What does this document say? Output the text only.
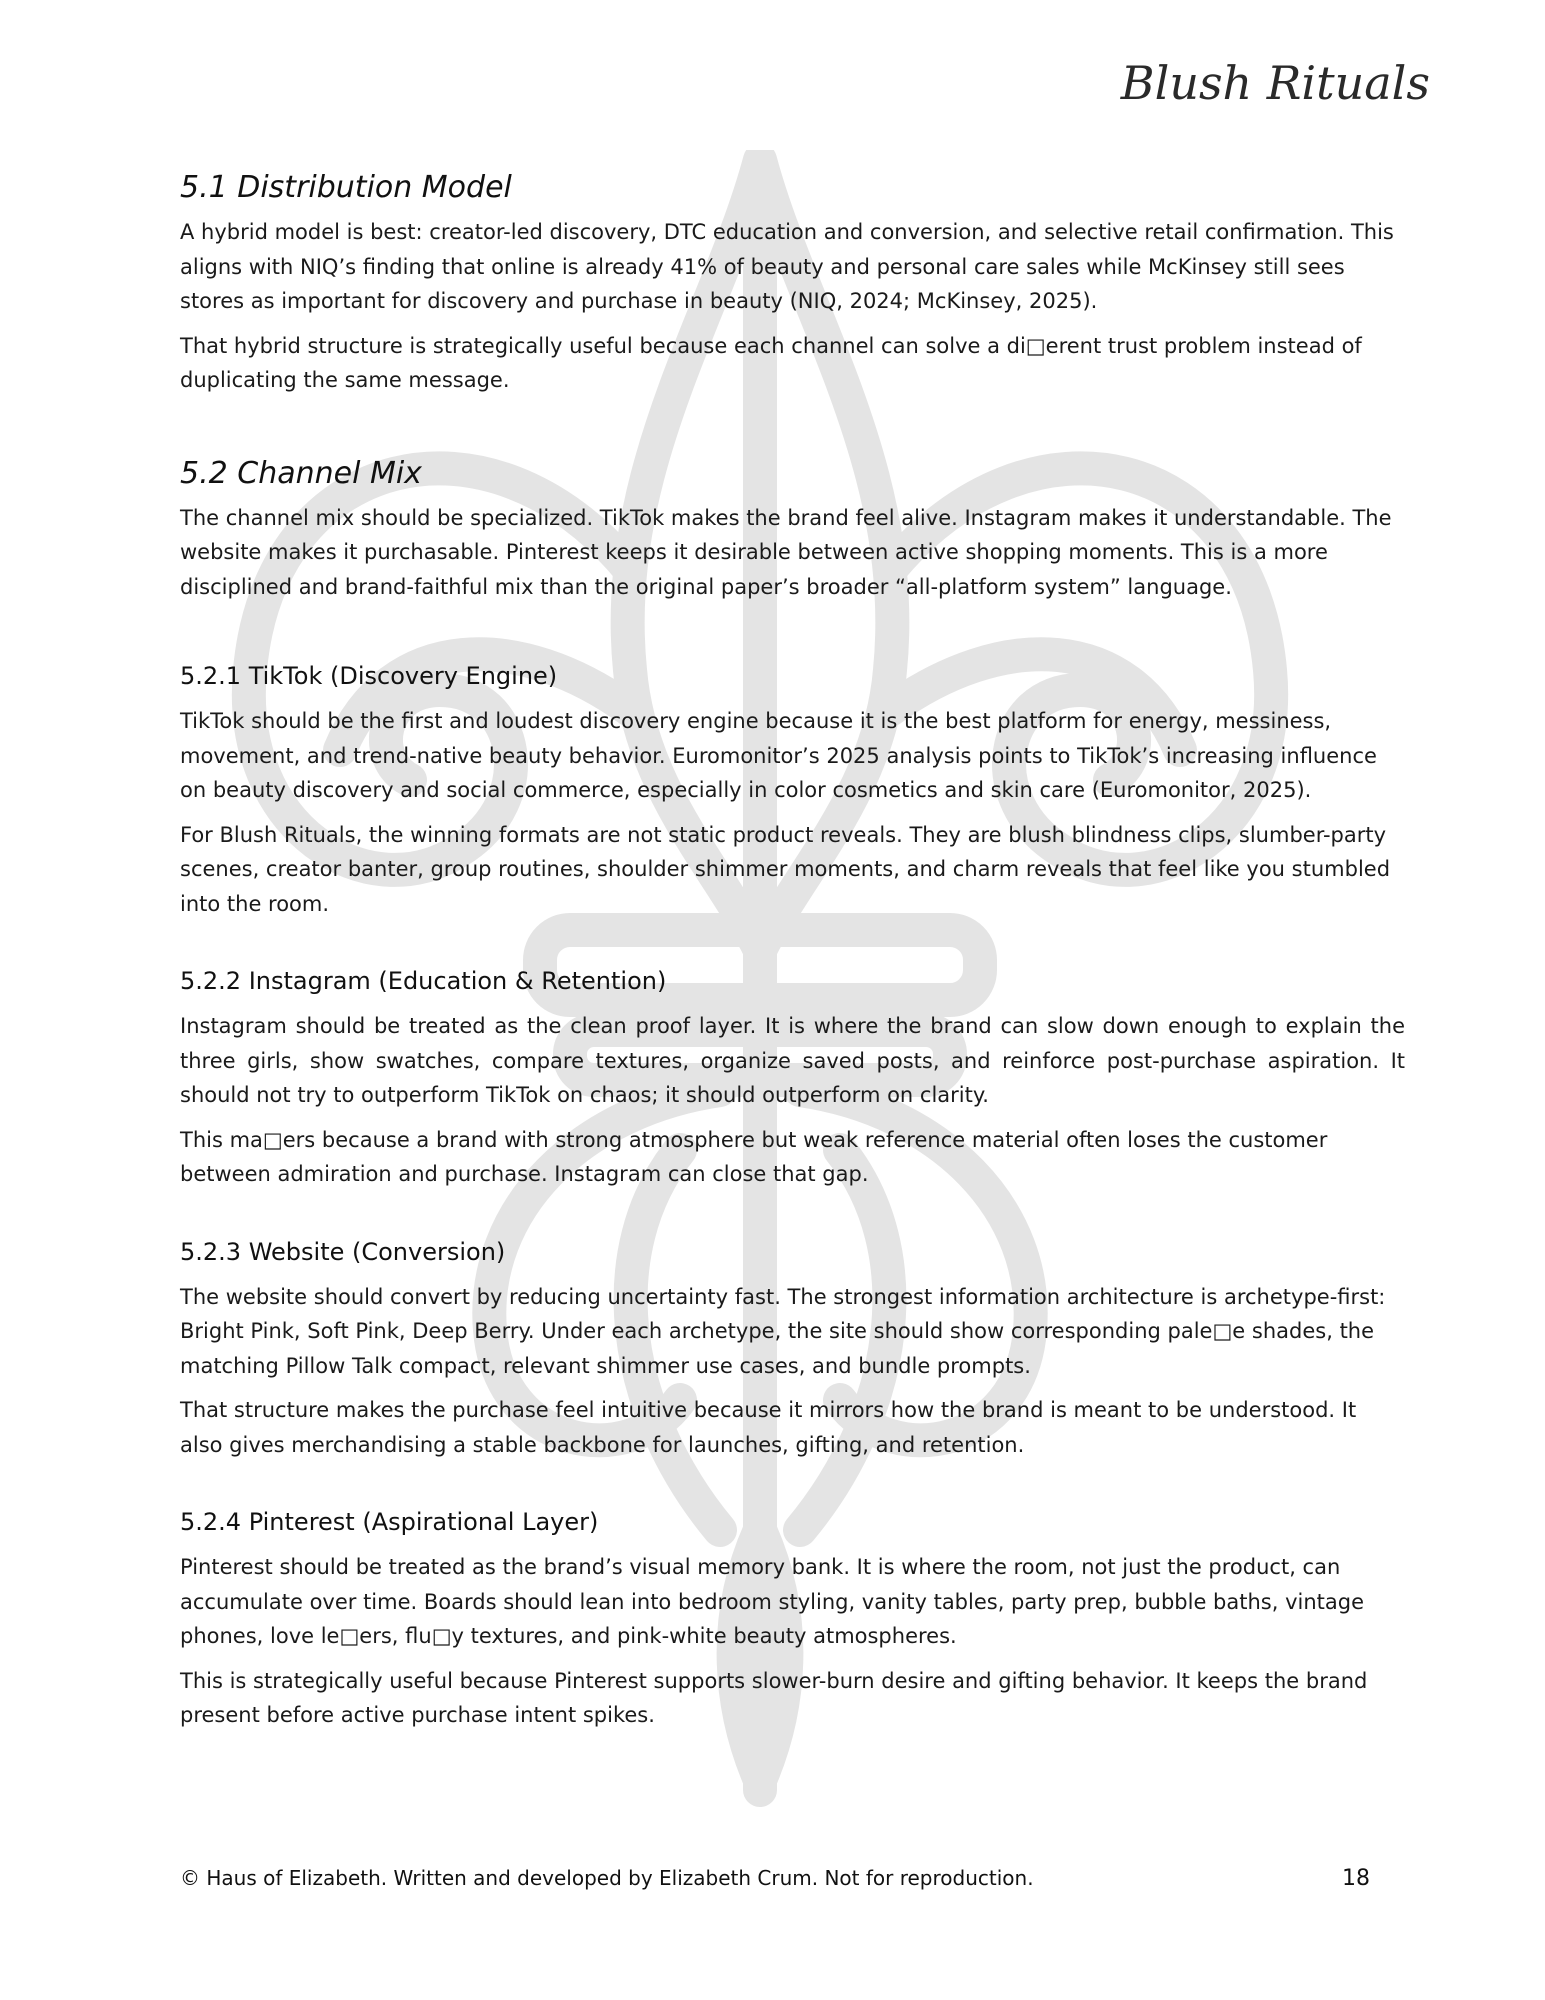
Blush Rituals
5.1 Distribution Model

A hybrid model is best: creator-led discovery, DTC education and conversion, and selective retail confirmation. This aligns with NIQ’s finding that online is already 41% of beauty and personal care sales while McKinsey still sees stores as important for discovery and purchase in beauty (NIQ, 2024; McKinsey, 2025).

That hybrid structure is strategically useful because each channel can solve a di□erent trust problem instead of duplicating the same message.

5.2 Channel Mix

The channel mix should be specialized. TikTok makes the brand feel alive. Instagram makes it understandable. The website makes it purchasable. Pinterest keeps it desirable between active shopping moments. This is a more disciplined and brand-faithful mix than the original paper’s broader “all-platform system” language.

5.2.1 TikTok (Discovery Engine)

TikTok should be the first and loudest discovery engine because it is the best platform for energy, messiness, movement, and trend-native beauty behavior. Euromonitor’s 2025 analysis points to TikTok’s increasing influence on beauty discovery and social commerce, especially in color cosmetics and skin care (Euromonitor, 2025).

For Blush Rituals, the winning formats are not static product reveals. They are blush blindness clips, slumber-party scenes, creator banter, group routines, shoulder shimmer moments, and charm reveals that feel like you stumbled into the room.

5.2.2 Instagram (Education & Retention)

Instagram should be treated as the clean proof layer. It is where the brand can slow down enough to explain the three girls, show swatches, compare textures, organize saved posts, and reinforce post-purchase aspiration. It should not try to outperform TikTok on chaos; it should outperform on clarity.

This ma□ers because a brand with strong atmosphere but weak reference material often loses the customer between admiration and purchase. Instagram can close that gap.

5.2.3 Website (Conversion)

The website should convert by reducing uncertainty fast. The strongest information architecture is archetype-first: Bright Pink, Soft Pink, Deep Berry. Under each archetype, the site should show corresponding pale□e shades, the matching Pillow Talk compact, relevant shimmer use cases, and bundle prompts.

That structure makes the purchase feel intuitive because it mirrors how the brand is meant to be understood. It also gives merchandising a stable backbone for launches, gifting, and retention.

5.2.4 Pinterest (Aspirational Layer)

Pinterest should be treated as the brand’s visual memory bank. It is where the room, not just the product, can accumulate over time. Boards should lean into bedroom styling, vanity tables, party prep, bubble baths, vintage phones, love le□ers, flu□y textures, and pink-white beauty atmospheres.

This is strategically useful because Pinterest supports slower-burn desire and gifting behavior. It keeps the brand present before active purchase intent spikes.

© Haus of Elizabeth. Written and developed by Elizabeth Crum. Not for reproduction.	18
